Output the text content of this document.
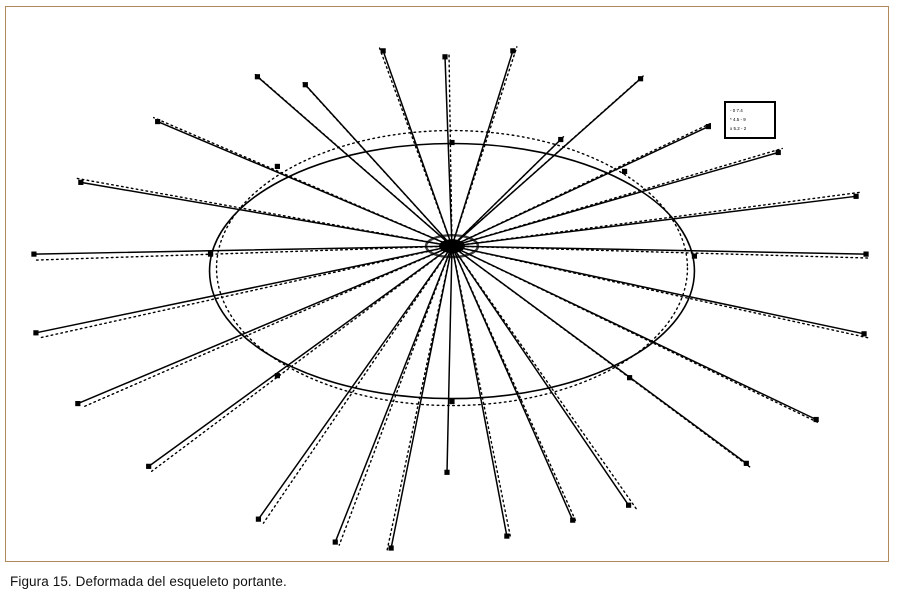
- 0 7.4
* 4.5 - 9
x 5.2 - 2
Figura 15. Deformada del esqueleto portante.
